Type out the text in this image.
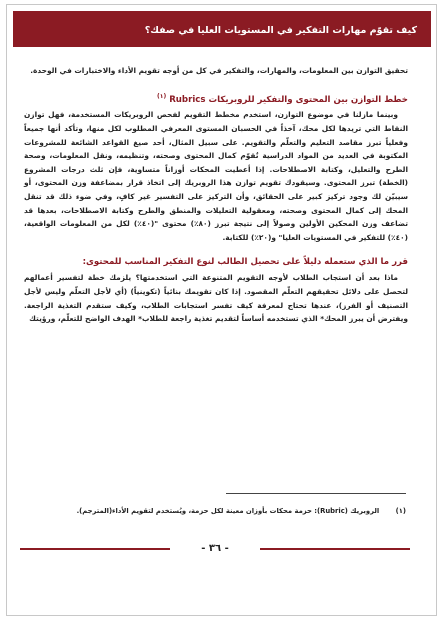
كيف تقوّم مهارات التفكير في المستويات العليا في صفك؟

تحقيق التوازن بين المعلومات، والمهارات، والتفكير في كل من أوجه تقويم الأداء والاختبارات في الوحدة.

خطط التوازن بين المحتوى والتفكير للروبريكات Rubrics $^{(١)}$

وبينما مازلنا في موضوع التوازن، استخدم مخطط التقويم لفحص الروبريكات المستخدمة، فهل توازن النقاط التي تريدها لكل محك، آخذاً في الحسبان المستوى المعرفي المطلوب لكل منها، وتأكد أنها جميعاً وفعلياً تبرز مقاصد التعليم والتعلّم والتقويم. على سبيل المثال، أحد صيغ القواعد الشائعة للمشروعات المكتوبة في العديد من المواد الدراسية تُقوّم كمال المحتوى وصحته، وتنظيمه، ونقل المعلومات، وصحة الطرح والتعليل، وكتابة الاصطلاحات. إذا أعطيت المحكات أوزاناً متساوية، فإن ثلث درجات المشروع (الخطة) تبرز المحتوى. وسيقودك تقويم توازن هذا الروبريك إلى اتخاذ قرار بمضاعفة وزن المحتوى، أو سيبيّن لك وجود تركيز كبير على الحقائق، وأن التركيز على التفسير غير كافٍ، وفي ضوء ذلك قد تنقل المحك إلى كمال المحتوى وصحته، ومعقولية التعليلات والمنطق والطرح وكتابة الاصطلاحات، بعدها قد تضاعف وزن المحكين الأولين وصولاً إلى نتيجة تبرز (٨٠٪) محتوى "(٤٠٪) لكل من المعلومات الواقعية، (٤٠٪) للتفكير في المستويات العليا" و(٢٠٪) للكتابة.

قرر ما الذي ستعمله دليلاً على تحصيل الطالب لنوع التفكير المناسب للمحتوى:

ماذا بعد أن استجاب الطلاب لأوجه التقويم المتنوعة التي استخدمتها؟ يلزمك خطة لتفسير أعمالهم لتحصل على دلائل تحقيقهم التعلّم المقصود. إذا كان تقويمك بنائياً (تكوينياً) (أي لأجل التعلّم وليس لأجل التصنيف أو الفرز)، عندها تحتاج لمعرفة كيف تفسر استجابات الطلاب، وكيف ستقدم التغذية الراجعة. ويفترض أن يبرز المحك* الذي تستخدمه أساساً لتقديم تغذية راجعة للطلاب* الهدف الواضح للتعلّم، ورؤيتك

(١) الروبريك (Rubric): حزمة محكات بأوزان معينة لكل حزمة، ويُستخدم لتقويم الأداء(المترجم).
- ٣٦ -
